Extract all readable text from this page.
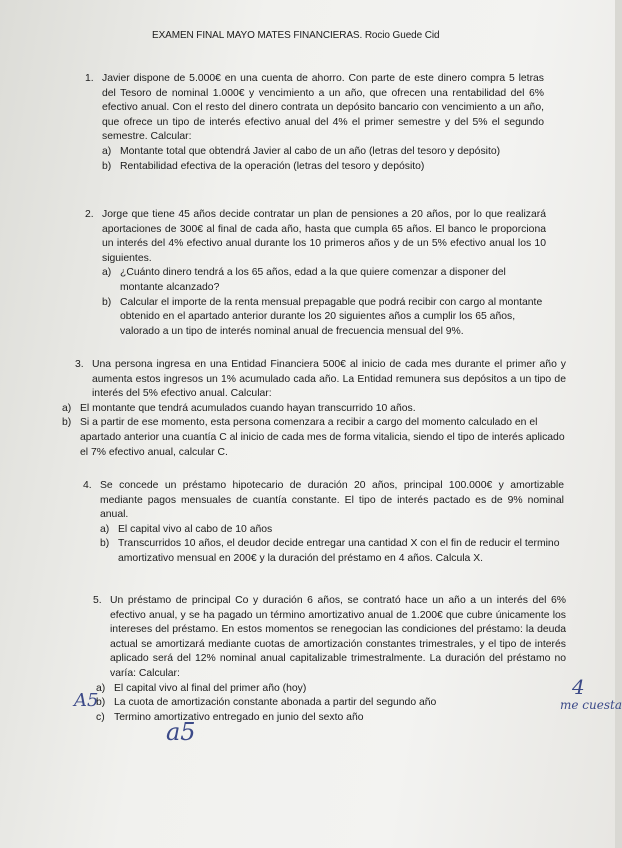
EXAMEN FINAL MAYO MATES FINANCIERAS. Rocio Guede Cid
1. Javier dispone de 5.000€ en una cuenta de ahorro. Con parte de este dinero compra 5 letras del Tesoro de nominal 1.000€ y vencimiento a un año, que ofrecen una rentabilidad del 6% efectivo anual. Con el resto del dinero contrata un depósito bancario con vencimiento a un año, que ofrece un tipo de interés efectivo anual del 4% el primer semestre y del 5% el segundo semestre. Calcular:

a) Montante total que obtendrá Javier al cabo de un año (letras del tesoro y depósito)
b) Rentabilidad efectiva de la operación (letras del tesoro y depósito)
2. Jorge que tiene 45 años decide contratar un plan de pensiones a 20 años, por lo que realizará aportaciones de 300€ al final de cada año, hasta que cumpla 65 años. El banco le proporciona un interés del 4% efectivo anual durante los 10 primeros años y de un 5% efectivo anual los 10 siguientes.

a) ¿Cuánto dinero tendrá a los 65 años, edad a la que quiere comenzar a disponer del montante alcanzado?
b) Calcular el importe de la renta mensual prepagable que podrá recibir con cargo al montante obtenido en el apartado anterior durante los 20 siguientes años a cumplir los 65 años, valorado a un tipo de interés nominal anual de frecuencia mensual del 9%.
3. Una persona ingresa en una Entidad Financiera 500€ al inicio de cada mes durante el primer año y aumenta estos ingresos un 1% acumulado cada año. La Entidad remunera sus depósitos a un tipo de interés del 5% efectivo anual. Calcular:

a) El montante que tendrá acumulados cuando hayan transcurrido 10 años.
b) Si a partir de ese momento, esta persona comenzara a recibir a cargo del momento calculado en el apartado anterior una cuantía C al inicio de cada mes de forma vitalicia, siendo el tipo de interés aplicado el 7% efectivo anual, calcular C.
4. Se concede un préstamo hipotecario de duración 20 años, principal 100.000€ y amortizable mediante pagos mensuales de cuantía constante. El tipo de interés pactado es de 9% nominal anual.

a) El capital vivo al cabo de 10 años
b) Transcurridos 10 años, el deudor decide entregar una cantidad X con el fin de reducir el termino amortizativo mensual en 200€ y la duración del préstamo en 4 años. Calcula X.
5. Un préstamo de principal Co y duración 6 años, se contrató hace un año a un interés del 6% efectivo anual, y se ha pagado un término amortizativo anual de 1.200€ que cubre únicamente los intereses del préstamo. En estos momentos se renegocian las condiciones del préstamo: la deuda actual se amortizará mediante cuotas de amortización constantes trimestrales, y el tipo de interés aplicado será del 12% nominal anual capitalizable trimestralmente. La duración del préstamo no varía: Calcular:

a) El capital vivo al final del primer año (hoy)
b) La cuota de amortización constante abonada a partir del segundo año
c) Termino amortizativo entregado en junio del sexto año
A5
a5
4
me cuesta
